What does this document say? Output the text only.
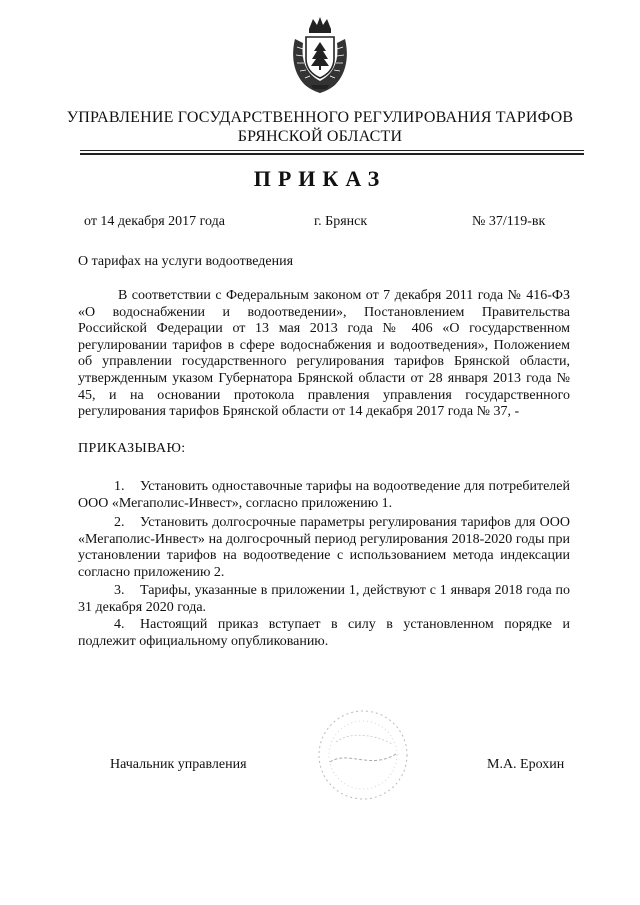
УПРАВЛЕНИЕ ГОСУДАРСТВЕННОГО РЕГУЛИРОВАНИЯ ТАРИФОВ
БРЯНСКОЙ ОБЛАСТИ
ПРИКАЗ
от 14 декабря 2017 года	г. Брянск	№ 37/119-вк
О тарифах на услуги водоотведения
В соответствии с Федеральным законом от 7 декабря 2011 года № 416-ФЗ «О водоснабжении и водоотведении», Постановлением Правительства Российской Федерации от 13 мая 2013 года № 406 «О государственном регулировании тарифов в сфере водоснабжения и водоотведения», Положением об управлении государственного регулирования тарифов Брянской области, утвержденным указом Губернатора Брянской области от 28 января 2013 года № 45, и на основании протокола правления управления государственного регулирования тарифов Брянской области от 14 декабря 2017 года № 37, -
ПРИКАЗЫВАЮ:
1. Установить одноставочные тарифы на водоотведение для потребителей ООО «Мегаполис-Инвест», согласно приложению 1.
2. Установить долгосрочные параметры регулирования тарифов для ООО «Мегаполис-Инвест» на долгосрочный период регулирования 2018-2020 годы при установлении тарифов на водоотведение с использованием метода индексации согласно приложению 2.
3. Тарифы, указанные в приложении 1, действуют с 1 января 2018 года по 31 декабря 2020 года.
4. Настоящий приказ вступает в силу в установленном порядке и подлежит официальному опубликованию.
Начальник управления	М.А. Ерохин
